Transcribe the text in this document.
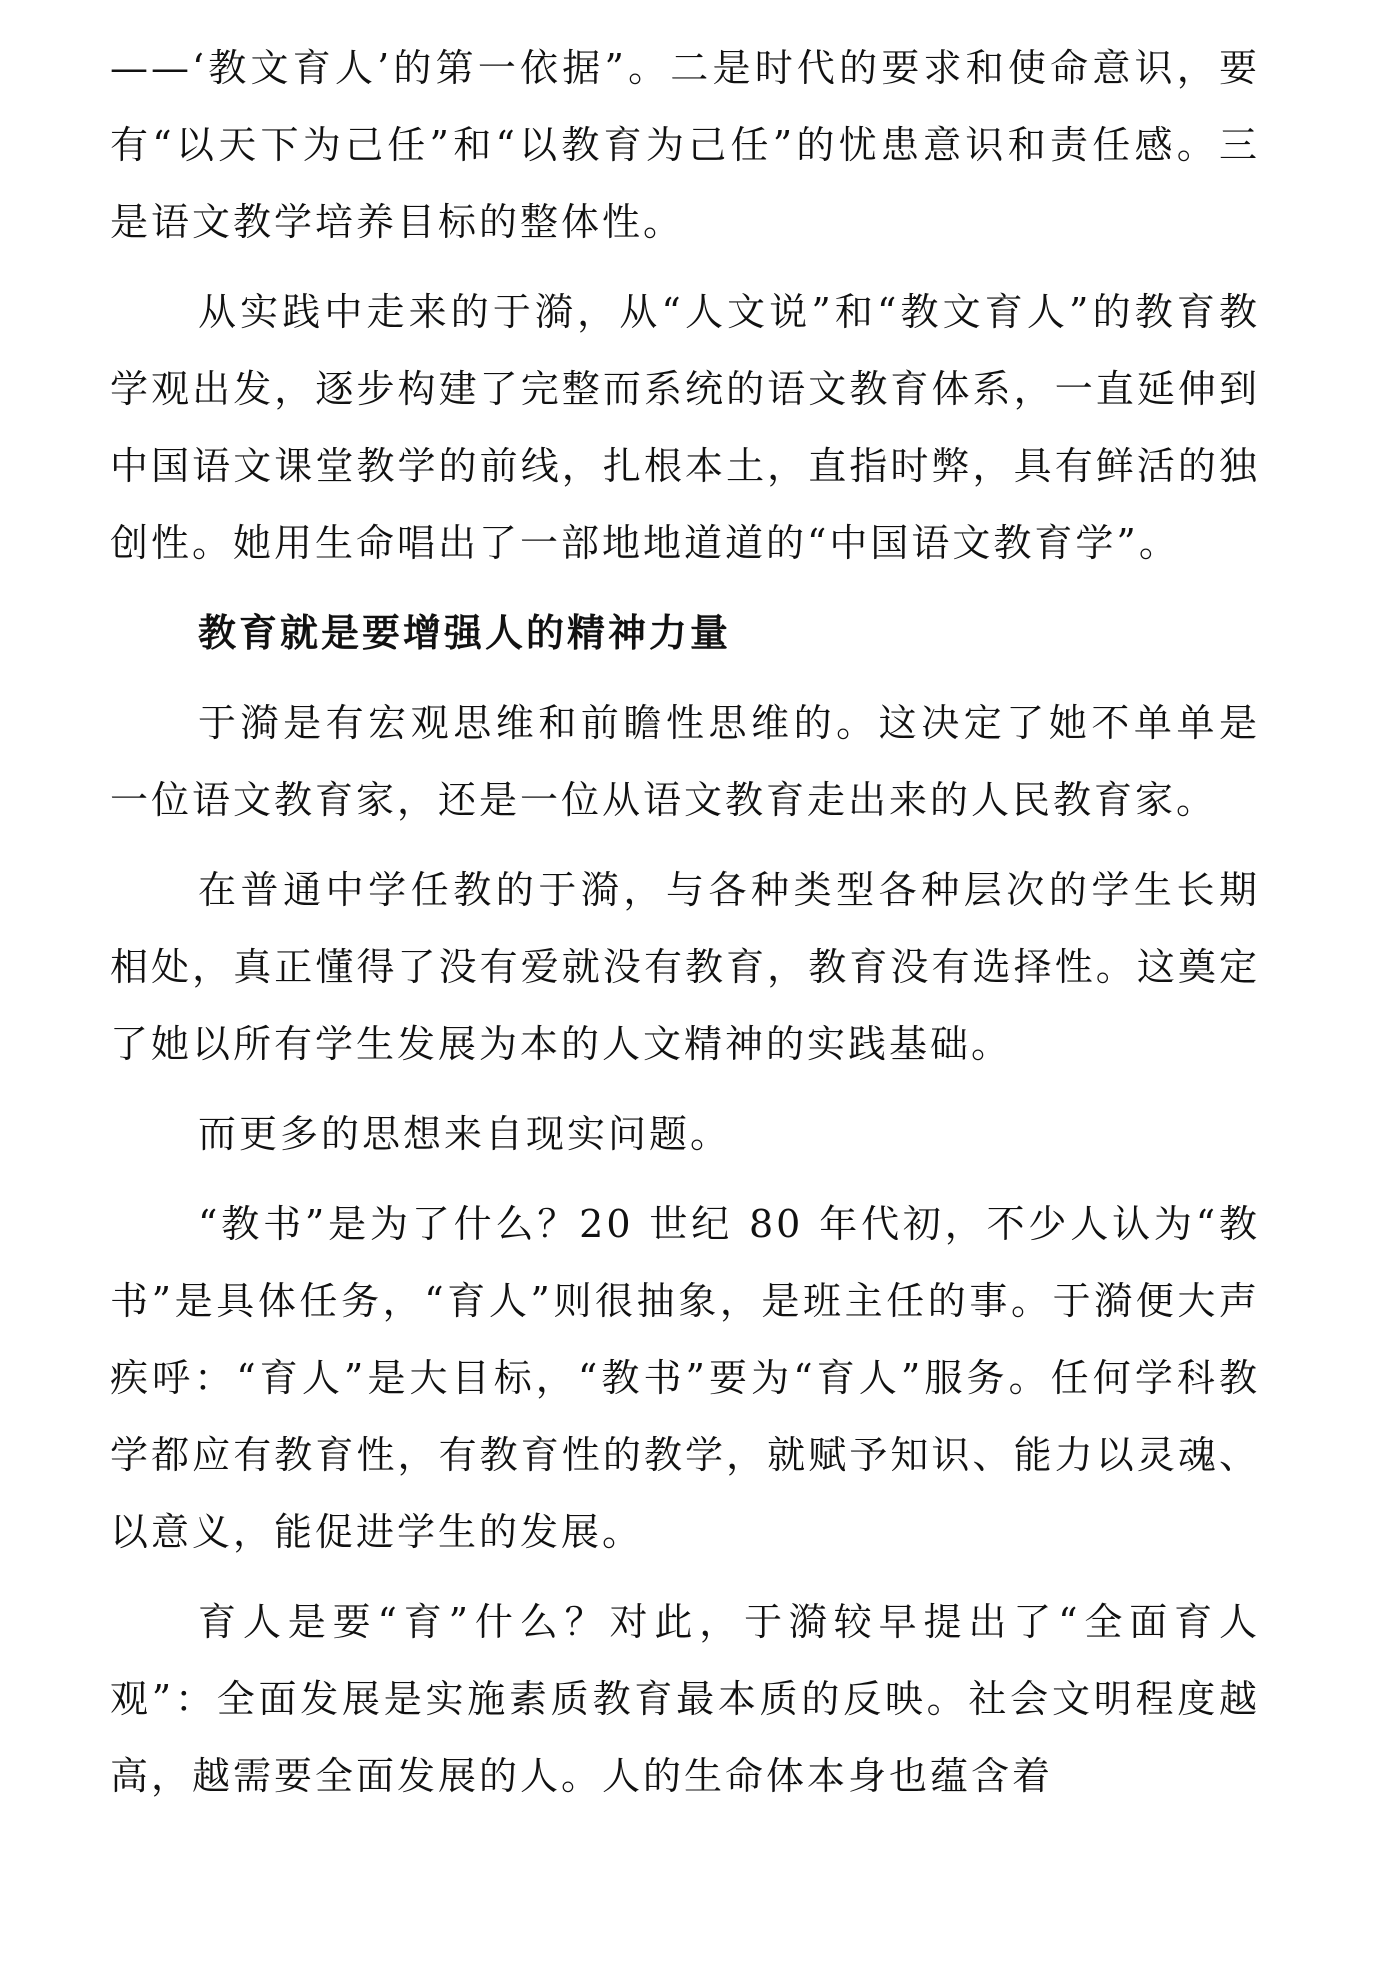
——‘教文育人’的第一依据”。二是时代的要求和使命意识，要有“以天下为己任”和“以教育为己任”的忧患意识和责任感。三是语文教学培养目标的整体性。

从实践中走来的于漪，从“人文说”和“教文育人”的教育教学观出发，逐步构建了完整而系统的语文教育体系，一直延伸到中国语文课堂教学的前线，扎根本土，直指时弊，具有鲜活的独创性。她用生命唱出了一部地地道道的“中国语文教育学”。

教育就是要增强人的精神力量

于漪是有宏观思维和前瞻性思维的。这决定了她不单单是一位语文教育家，还是一位从语文教育走出来的人民教育家。

在普通中学任教的于漪，与各种类型各种层次的学生长期相处，真正懂得了没有爱就没有教育，教育没有选择性。这奠定了她以所有学生发展为本的人文精神的实践基础。

而更多的思想来自现实问题。

“教书”是为了什么？20 世纪 80 年代初，不少人认为“教书”是具体任务，“育人”则很抽象，是班主任的事。于漪便大声疾呼：“育人”是大目标，“教书”要为“育人”服务。任何学科教学都应有教育性，有教育性的教学，就赋予知识、能力以灵魂、以意义，能促进学生的发展。

育人是要“育”什么？对此，于漪较早提出了“全面育人观”：全面发展是实施素质教育最本质的反映。社会文明程度越高，越需要全面发展的人。人的生命体本身也蕴含着
